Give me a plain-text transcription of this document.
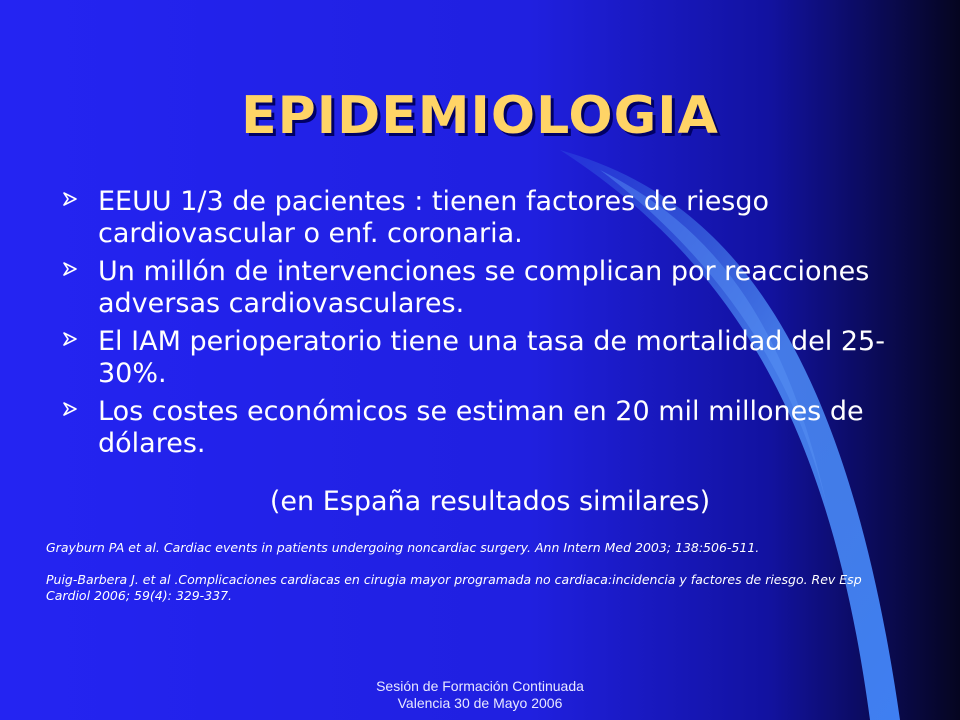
EPIDEMIOLOGIA
EEUU 1/3 de pacientes : tienen factores de riesgo cardiovascular o enf. coronaria.
Un millón de intervenciones se complican por reacciones adversas cardiovasculares.
El IAM perioperatorio tiene una tasa de mortalidad del 25-30%.
Los costes económicos se estiman en 20 mil millones de dólares.
(en España resultados similares)

Grayburn PA et al. Cardiac events in patients undergoing noncardiac surgery. Ann Intern Med 2003; 138:506-511.

Puig-Barbera J. et al .Complicaciones cardiacas en cirugia mayor programada no cardiaca:incidencia y factores de riesgo. Rev Esp Cardiol 2006; 59(4): 329-337.

Sesión de Formación Continuada
Valencia 30 de Mayo 2006
